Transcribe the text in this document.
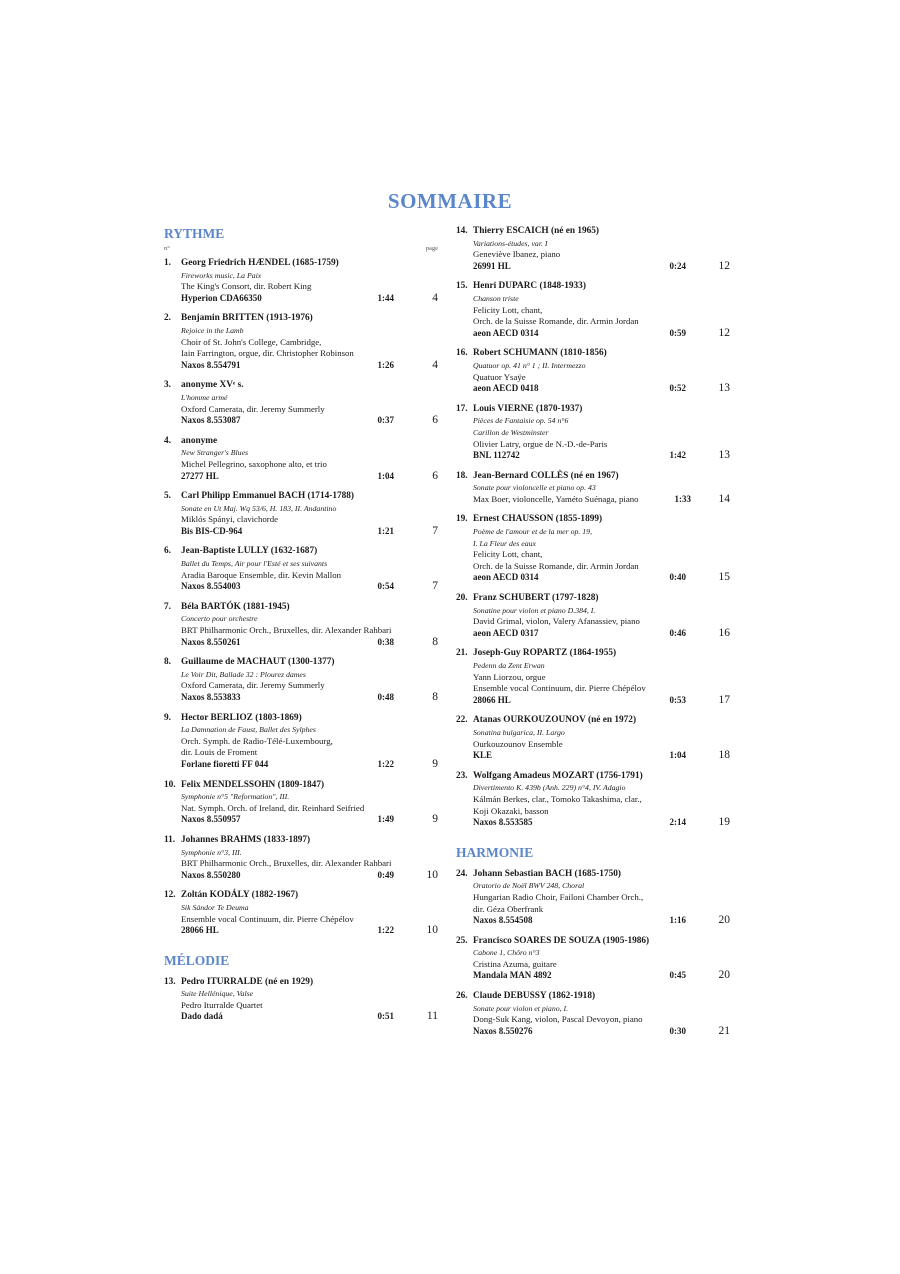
SOMMAIRE
RYTHME
n°	page
1. Georg Friedrich HÆNDEL (1685-1759)
Fireworks music, La Paix
The King's Consort, dir. Robert King
Hyperion CDA66350	1:44	4
2. Benjamin BRITTEN (1913-1976)
Rejoice in the Lamb
Choir of St. John's College, Cambridge,
Iain Farrington, orgue, dir. Christopher Robinson
Naxos 8.554791	1:26	4
3. anonyme XVᵉ s.
L'homme armé
Oxford Camerata, dir. Jeremy Summerly
Naxos 8.553087	0:37	6
4. anonyme
New Stranger's Blues
Michel Pellegrino, saxophone alto, et trio
27277 HL	1:04	6
5. Carl Philipp Emmanuel BACH (1714-1788)
Sonate en Ut Maj. Wq 53/6, H. 183, II. Andantino
Miklós Spányi, clavichorde
Bis BIS-CD-964	1:21	7
6. Jean-Baptiste LULLY (1632-1687)
Ballet du Temps, Air pour l'Esté et ses suivants
Aradia Baroque Ensemble, dir. Kevin Mallon
Naxos 8.554003	0:54	7
7. Béla BARTÓK (1881-1945)
Concerto pour orchestre
BRT Philharmonic Orch., Bruxelles, dir. Alexander Rahbari
Naxos 8.550261	0:38	8
8. Guillaume de MACHAUT (1300-1377)
Le Voir Dit, Ballade 32 : Plourez dames
Oxford Camerata, dir. Jeremy Summerly
Naxos 8.553833	0:48	8
9. Hector BERLIOZ (1803-1869)
La Damnation de Faust, Ballet des Sylphes
Orch. Symph. de Radio-Télé-Luxembourg,
dir. Louis de Froment
Forlane fioretti FF 044	1:22	9
10. Felix MENDELSSOHN (1809-1847)
Symphonie n°5 "Reformation", III.
Nat. Symph. Orch. of Ireland, dir. Reinhard Seifried
Naxos 8.550957	1:49	9
11. Johannes BRAHMS (1833-1897)
Symphonie n°3, III.
BRT Philharmonic Orch., Bruxelles, dir. Alexander Rahbari
Naxos 8.550280	0:49	10
12. Zoltán KODÁLY (1882-1967)
Sik Sándor Te Deuma
Ensemble vocal Continuum, dir. Pierre Chépélov
28066 HL	1:22	10
MÉLODIE
13. Pedro ITURRALDE (né en 1929)
Suite Hellénique, Valse
Pedro Iturralde Quartet
Dado dadá	0:51	11
14. Thierry ESCAICH (né en 1965)
Variations-études, var. I
Geneviève Ibanez, piano
26991 HL	0:24	12
15. Henri DUPARC (1848-1933)
Chanson triste
Felicity Lott, chant,
Orch. de la Suisse Romande, dir. Armin Jordan
aeon AECD 0314	0:59	12
16. Robert SCHUMANN (1810-1856)
Quatuor op. 41 n° 1 ; II. Intermezzo
Quatuor Ysaÿe
aeon AECD 0418	0:52	13
17. Louis VIERNE (1870-1937)
Pièces de Fantaisie op. 54 n°6
Carillon de Westminster
Olivier Latry, orgue de N.-D.-de-Paris
BNL 112742	1:42	13
18. Jean-Bernard COLLÈS (né en 1967)
Sonate pour violoncelle et piano op. 43
Max Boer, violoncelle, Yaméto Suénaga, piano	1:33 14
19. Ernest CHAUSSON (1855-1899)
Poème de l'amour et de la mer op. 19,
I. La Fleur des eaux
Felicity Lott, chant,
Orch. de la Suisse Romande, dir. Armin Jordan
aeon AECD 0314	0:40	15
20. Franz SCHUBERT (1797-1828)
Sonatine pour violon et piano D.384, I.
David Grimal, violon, Valery Afanassiev, piano
aeon AECD 0317	0:46	16
21. Joseph-Guy ROPARTZ (1864-1955)
Pedenn da Zent Erwan
Yann Liorzou, orgue
Ensemble vocal Continuum, dir. Pierre Chépélov
28066 HL	0:53	17
22. Atanas OURKOUZOUNOV (né en 1972)
Sonatina bulgarica, II. Largo
Ourkouzounov Ensemble
KLE	1:04	18
23. Wolfgang Amadeus MOZART (1756-1791)
Divertimento K. 439b (Anh. 229) n°4, IV. Adagio
Kálmán Berkes, clar., Tomoko Takashima, clar.,
Koji Okazaki, basson
Naxos 8.553585	2:14	19
HARMONIE
24. Johann Sebastian BACH (1685-1750)
Oratorio de Noël BWV 248, Choral
Hungarian Radio Choir, Failoni Chamber Orch.,
dir. Géza Oberfrank
Naxos 8.554508	1:16	20
25. Francisco SOARES DE SOUZA (1905-1986)
Cabone 1, Chôro n°3
Cristina Azuma, guitare
Mandala MAN 4892	0:45	20
26. Claude DEBUSSY (1862-1918)
Sonate pour violon et piano, I.
Dong-Suk Kang, violon, Pascal Devoyon, piano
Naxos 8.550276	0:30	21
